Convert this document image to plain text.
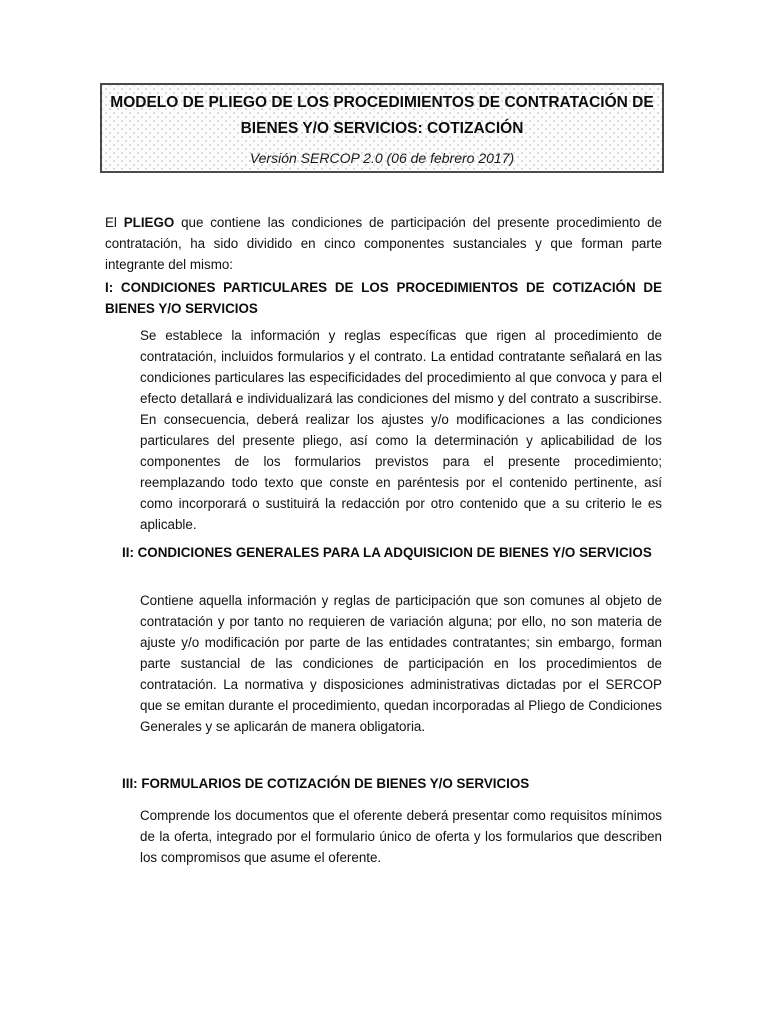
MODELO DE PLIEGO DE LOS PROCEDIMIENTOS DE CONTRATACIÓN DE BIENES Y/O SERVICIOS: COTIZACIÓN
Versión SERCOP 2.0 (06 de febrero 2017)

El PLIEGO que contiene las condiciones de participación del presente procedimiento de contratación, ha sido dividido en cinco componentes sustanciales y que forman parte integrante del mismo:

I: CONDICIONES PARTICULARES DE LOS PROCEDIMIENTOS DE COTIZACIÓN DE BIENES Y/O SERVICIOS

Se establece la información y reglas específicas que rigen al procedimiento de contratación, incluidos formularios y el contrato. La entidad contratante señalará en las condiciones particulares las especificidades del procedimiento al que convoca y para el efecto detallará e individualizará las condiciones del mismo y del contrato a suscribirse. En consecuencia, deberá realizar los ajustes y/o modificaciones a las condiciones particulares del presente pliego, así como la determinación y aplicabilidad de los componentes de los formularios previstos para el presente procedimiento; reemplazando todo texto que conste en paréntesis por el contenido pertinente, así como incorporará o sustituirá la redacción por otro contenido que a su criterio le es aplicable.

II: CONDICIONES GENERALES PARA LA ADQUISICION DE BIENES Y/O SERVICIOS

Contiene aquella información y reglas de participación que son comunes al objeto de contratación y por tanto no requieren de variación alguna; por ello, no son materia de ajuste y/o modificación por parte de las entidades contratantes; sin embargo, forman parte sustancial de las condiciones de participación en los procedimientos de contratación. La normativa y disposiciones administrativas dictadas por el SERCOP que se emitan durante el procedimiento, quedan incorporadas al Pliego de Condiciones Generales y se aplicarán de manera obligatoria.

III: FORMULARIOS DE COTIZACIÓN DE BIENES Y/O SERVICIOS

Comprende los documentos que el oferente deberá presentar como requisitos mínimos de la oferta, integrado por el formulario único de oferta y los formularios que describen los compromisos que asume el oferente.
